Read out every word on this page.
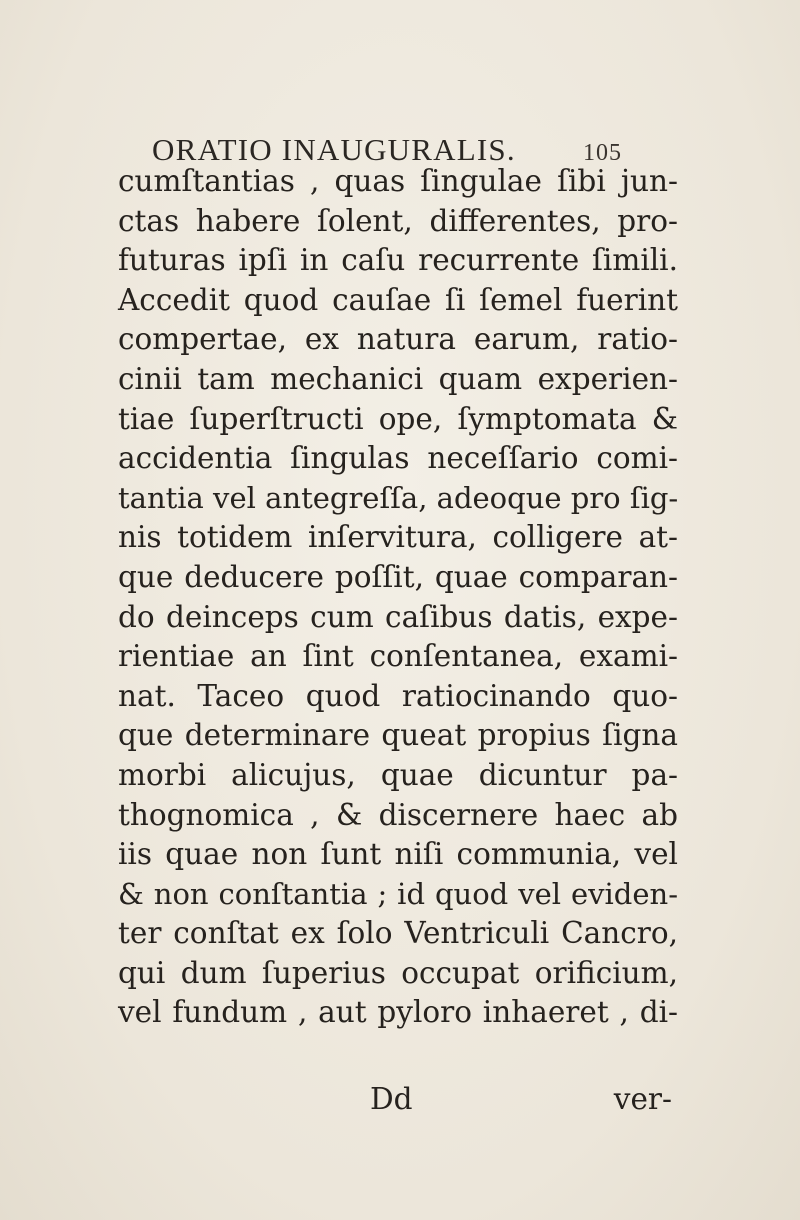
ORATIO INAUGURALIS.	105
cumſtantias , quas ſingulae ſibi jun-
ctas habere ſolent, differentes, pro-
futuras ipſi in caſu recurrente ſimili.
Accedit quod cauſae ſi ſemel fuerint
compertae, ex natura earum, ratio-
cinii tam mechanici quam experien-
tiae ſuperſtructi ope, ſymptomata &
accidentia ſingulas neceſſario comi-
tantia vel antegreſſa, adeoque pro ſig-
nis totidem inſervitura, colligere at-
que deducere poſſit, quae comparan-
do deinceps cum caſibus datis, expe-
rientiae an ſint conſentanea, exami-
nat. Taceo quod ratiocinando quo-
que determinare queat propius ſigna
morbi alicujus, quae dicuntur pa-
thognomica , & discernere haec ab
iis quae non ſunt niſi communia, vel
& non conſtantia ; id quod vel eviden-
ter conſtat ex ſolo Ventriculi Cancro,
qui dum ſuperius occupat orificium,
vel fundum , aut pyloro inhaeret , di-
Dd	ver-
